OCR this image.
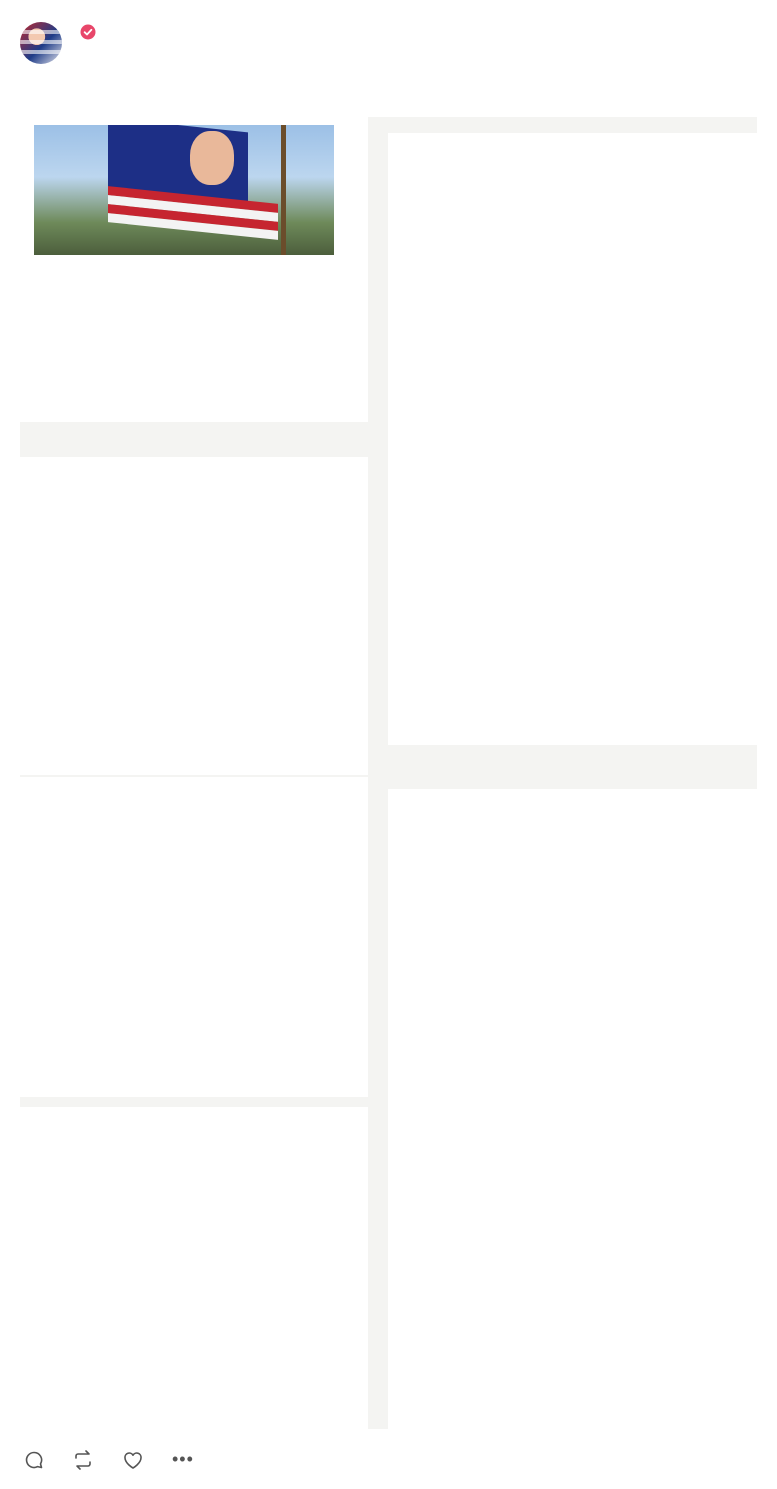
•••
